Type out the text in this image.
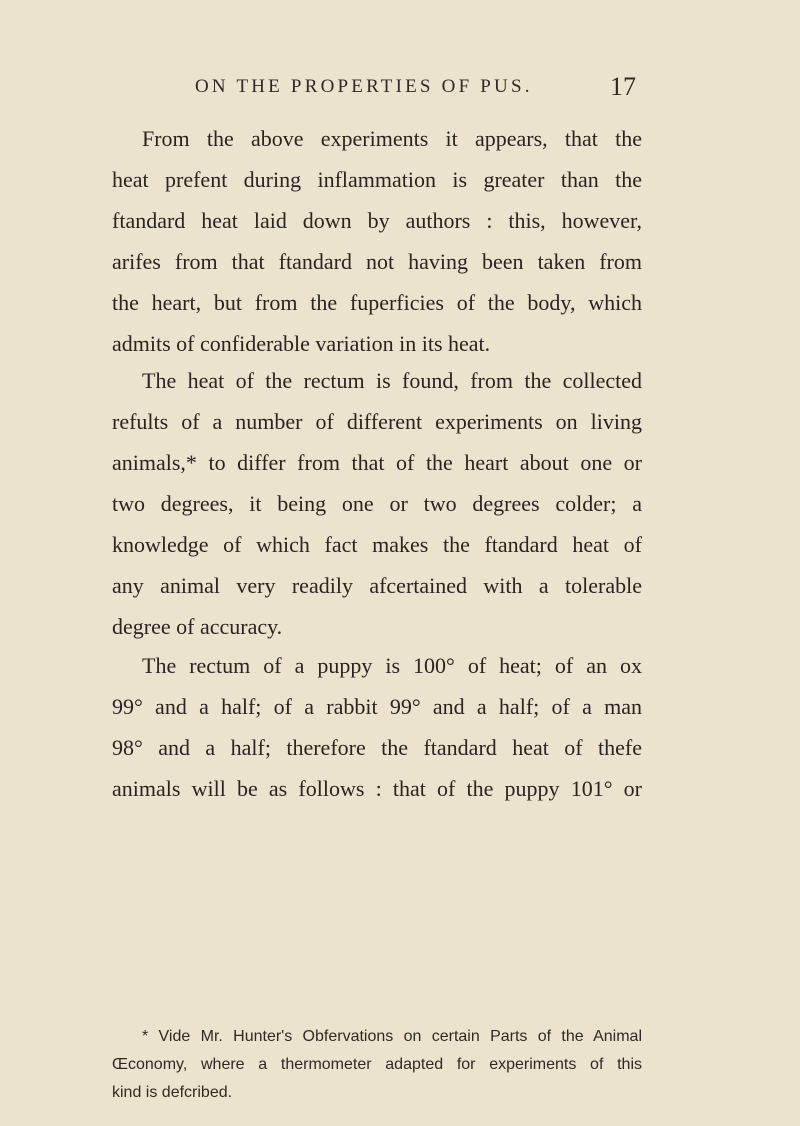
ON THE PROPERTIES OF PUS.	17
From the above experiments it appears, that the
heat prefent during inflammation is greater than the
ftandard heat laid down by authors : this, however,
arifes from that ftandard not having been taken from
the heart, but from the fuperficies of the body, which
admits of confiderable variation in its heat.
The heat of the rectum is found, from the collected
refults of a number of different experiments on living
animals,* to differ from that of the heart about one or
two degrees, it being one or two degrees colder; a
knowledge of which fact makes the ftandard heat of
any animal very readily afcertained with a tolerable
degree of accuracy.
The rectum of a puppy is 100° of heat; of an ox
99° and a half; of a rabbit 99° and a half; of a man
98° and a half; therefore the ftandard heat of thefe
animals will be as follows : that of the puppy 101° or
* Vide Mr. Hunter's Obfervations on certain Parts of the Animal
Œconomy, where a thermometer adapted for experiments of this
kind is defcribed.
